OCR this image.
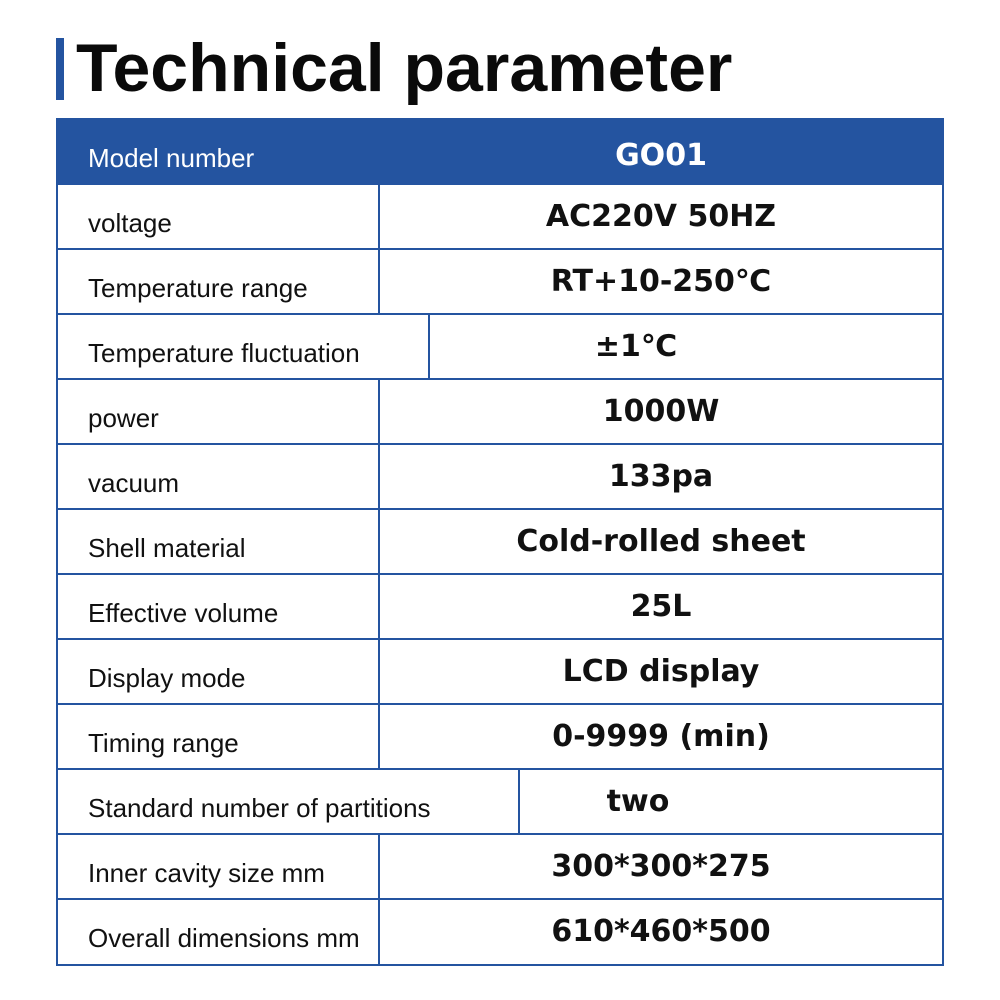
Technical parameter
Model number	GO01
voltage	AC220V 50HZ
Temperature range	RT+10-250℃
Temperature fluctuation	±1℃
power	1000W
vacuum	133pa
Shell material	Cold-rolled sheet
Effective volume	25L
Display mode	LCD display
Timing range	0-9999 (min)
Standard number of partitions	two
Inner cavity size mm	300*300*275
Overall dimensions mm	610*460*500
